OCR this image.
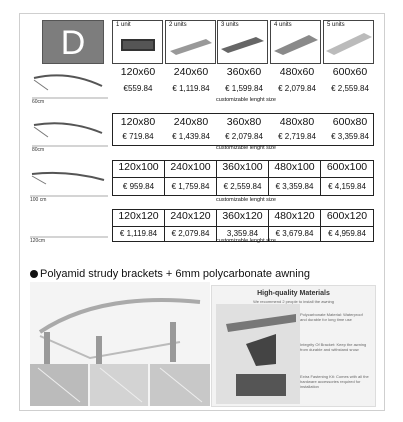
D	1 unit	2 units	3 units	4 units	5 units
60cm
120x60	240x60	360x60	480x60	600x60
€559.84	€ 1,119.84	€ 1,599.84	€ 2,079.84	€ 2,559.84
customizable lenght size
80cm
120x80	240x80	360x80	480x80	600x80
€ 719.84	€ 1,439.84	€ 2,079.84	€ 2,719.84	€ 3,359.84
customizable lenght size
100 cm
120x100	240x100	360x100	480x100	600x100
€ 959.84	€ 1,759.84	€ 2,559.84	€ 3,359.84	€ 4,159.84
customizable lenght size
120cm
120x120	240x120	360x120	480x120	600x120
€ 1,119.84	€ 2,079.84	3,359.84	€ 3,679.84	€ 4,959.84
customizable lenght size
Polyamid strudy brackets + 6mm polycarbonate awning
High-quality Materials
We recommend 2 people to install the awning
Polycarbonate Material: Waterproof and durable for long time use
Integrity Of Bracket: Keep the awning from durable and withstand snow
Extra Fastening Kit: Comes with all the hardware accessories required for installation
